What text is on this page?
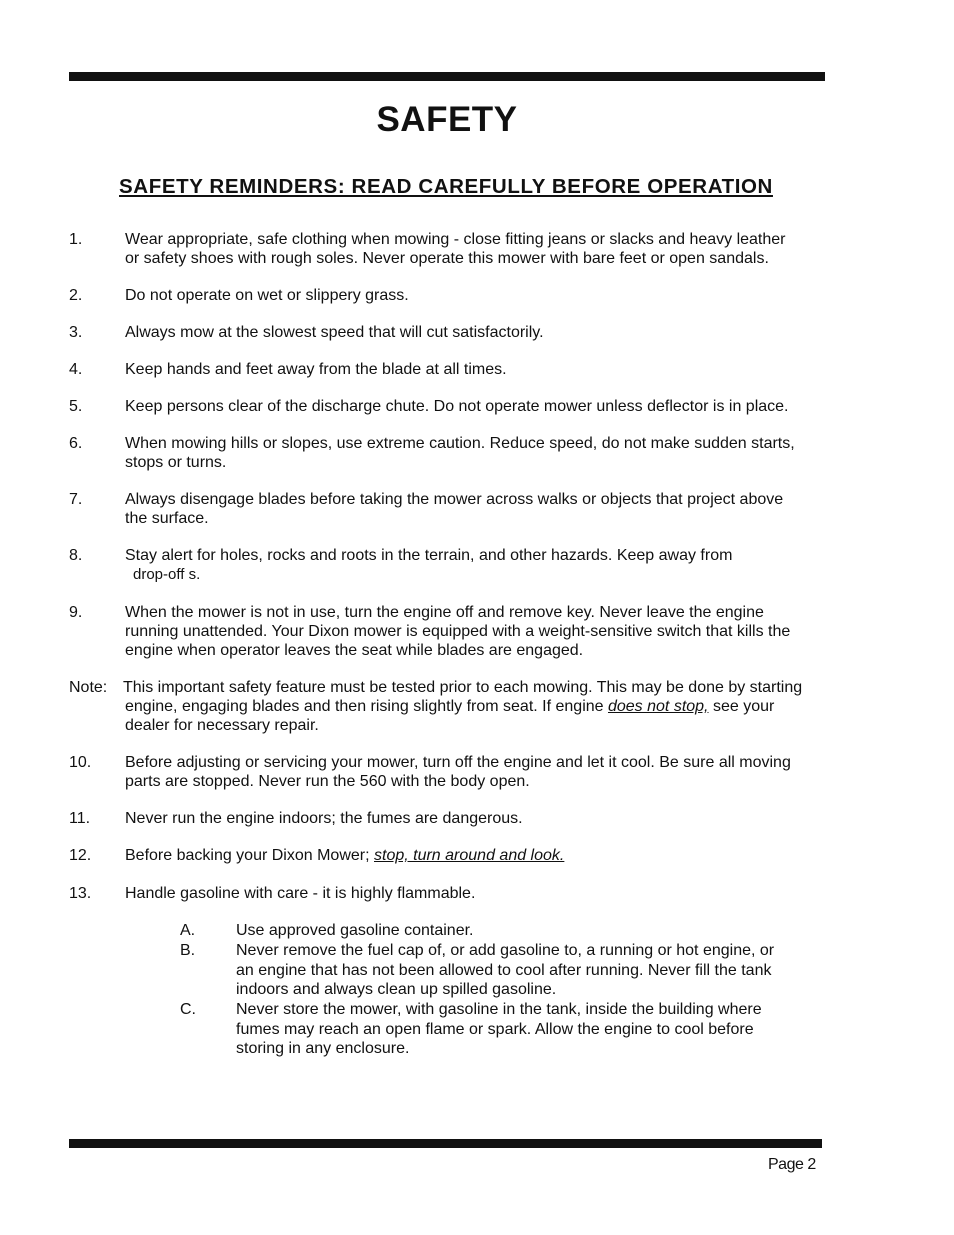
SAFETY
SAFETY REMINDERS: READ CAREFULLY BEFORE OPERATION
1.	Wear appropriate, safe clothing when mowing - close fitting jeans or slacks and heavy leather
or safety shoes with rough soles. Never operate this mower with bare feet or open sandals.
2.	Do not operate on wet or slippery grass.
3.	Always mow at the slowest speed that will cut satisfactorily.
4.	Keep hands and feet away from the blade at all times.
5.	Keep persons clear of the discharge chute. Do not operate mower unless deflector is in place.
6.	When mowing hills or slopes, use extreme caution. Reduce speed, do not make sudden starts,
stops or turns.
7.	Always disengage blades before taking the mower across walks or objects that project above
the surface.
8.	Stay alert for holes, rocks and roots in the terrain, and other hazards. Keep away from
drop-off s.
9.	When the mower is not in use, turn the engine off and remove key. Never leave the engine
running unattended. Your Dixon mower is equipped with a weight-sensitive switch that kills the
engine when operator leaves the seat while blades are engaged.
Note: This important safety feature must be tested prior to each mowing. This may be done by starting

engine, engaging blades and then rising slightly from seat. If engine does not stop, see your
dealer for necessary repair.
10. Before adjusting or servicing your mower, turn off the engine and let it cool. Be sure all moving
parts are stopped. Never run the 560 with the body open.
11. Never run the engine indoors; the fumes are dangerous.
12. Before backing your Dixon Mower; stop, turn around and look.
13. Handle gasoline with care - it is highly flammable.
A.	Use approved gasoline container.
B.	Never remove the fuel cap of, or add gasoline to, a running or hot engine, or
an engine that has not been allowed to cool after running. Never fill the tank
indoors and always clean up spilled gasoline.
C.	Never store the mower, with gasoline in the tank, inside the building where
fumes may reach an open flame or spark. Allow the engine to cool before
storing in any enclosure.
Page 2
